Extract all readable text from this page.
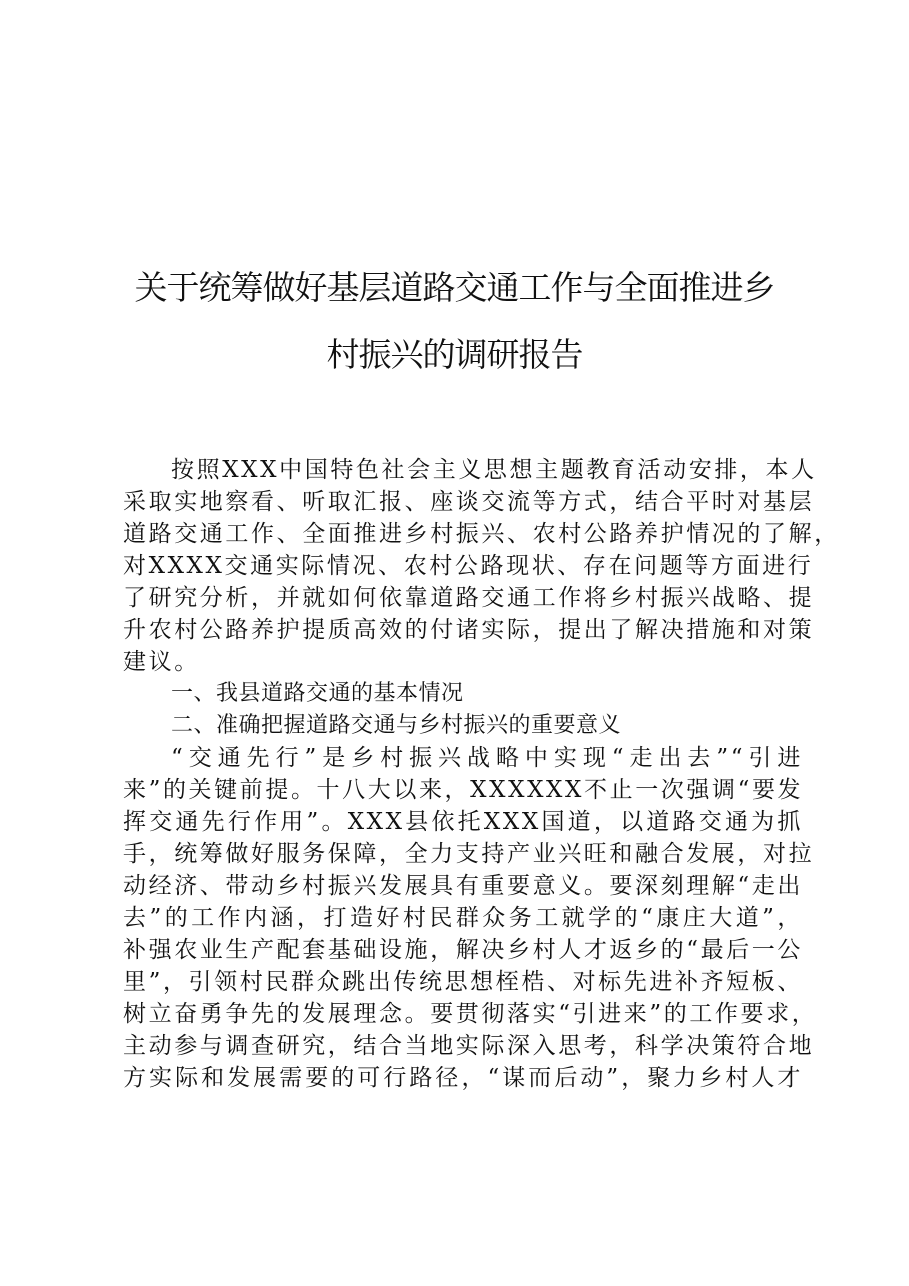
关于统筹做好基层道路交通工作与全面推进乡
村振兴的调研报告
按照XXX中国特色社会主义思想主题教育活动安排，本人
采取实地察看、听取汇报、座谈交流等方式，结合平时对基层
道路交通工作、全面推进乡村振兴、农村公路养护情况的了解，
对XXXX交通实际情况、农村公路现状、存在问题等方面进行
了研究分析，并就如何依靠道路交通工作将乡村振兴战略、提
升农村公路养护提质高效的付诸实际，提出了解决措施和对策
建议。
一、我县道路交通的基本情况
二、准确把握道路交通与乡村振兴的重要意义
“交通先行”是乡村振兴战略中实现“走出去”“引进
来”的关键前提。十八大以来，XXXXXX不止一次强调“要发
挥交通先行作用”。XXX县依托XXX国道，以道路交通为抓
手，统筹做好服务保障，全力支持产业兴旺和融合发展，对拉
动经济、带动乡村振兴发展具有重要意义。要深刻理解“走出
去”的工作内涵，打造好村民群众务工就学的“康庄大道”，
补强农业生产配套基础设施，解决乡村人才返乡的“最后一公
里”，引领村民群众跳出传统思想桎梏、对标先进补齐短板、
树立奋勇争先的发展理念。要贯彻落实“引进来”的工作要求，
主动参与调查研究，结合当地实际深入思考，科学决策符合地
方实际和发展需要的可行路径，“谋而后动”，聚力乡村人才
